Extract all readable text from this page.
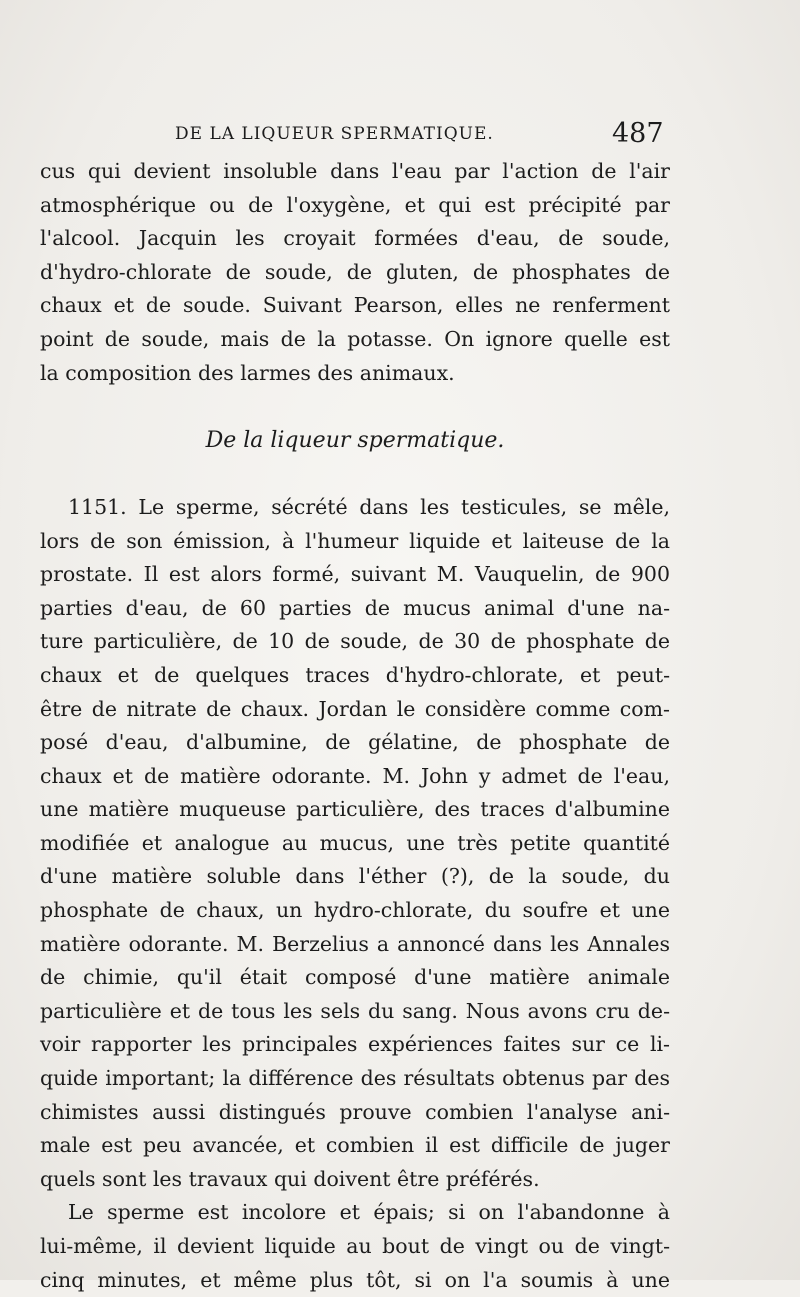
DE LA LIQUEUR SPERMATIQUE.	487
cus qui devient insoluble dans l'eau par l'action de l'air
atmosphérique ou de l'oxygène, et qui est précipité par
l'alcool. Jacquin les croyait formées d'eau, de soude,
d'hydro-chlorate de soude, de gluten, de phosphates de
chaux et de soude. Suivant Pearson, elles ne renferment
point de soude, mais de la potasse. On ignore quelle est
la composition des larmes des animaux.
De la liqueur spermatique.
1151. Le sperme, sécrété dans les testicules, se mêle,
lors de son émission, à l'humeur liquide et laiteuse de la
prostate. Il est alors formé, suivant M. Vauquelin, de 900
parties d'eau, de 60 parties de mucus animal d'une na-
ture particulière, de 10 de soude, de 30 de phosphate de
chaux et de quelques traces d'hydro-chlorate, et peut-
être de nitrate de chaux. Jordan le considère comme com-
posé d'eau, d'albumine, de gélatine, de phosphate de
chaux et de matière odorante. M. John y admet de l'eau,
une matière muqueuse particulière, des traces d'albumine
modifiée et analogue au mucus, une très petite quantité
d'une matière soluble dans l'éther (?), de la soude, du
phosphate de chaux, un hydro-chlorate, du soufre et une
matière odorante. M. Berzelius a annoncé dans les Annales
de chimie, qu'il était composé d'une matière animale
particulière et de tous les sels du sang. Nous avons cru de-
voir rapporter les principales expériences faites sur ce li-
quide important; la différence des résultats obtenus par des
chimistes aussi distingués prouve combien l'analyse ani-
male est peu avancée, et combien il est difficile de juger
quels sont les travaux qui doivent être préférés.
Le sperme est incolore et épais; si on l'abandonne à
lui-même, il devient liquide au bout de vingt ou de vingt-
cinq minutes, et même plus tôt, si on l'a soumis à une
